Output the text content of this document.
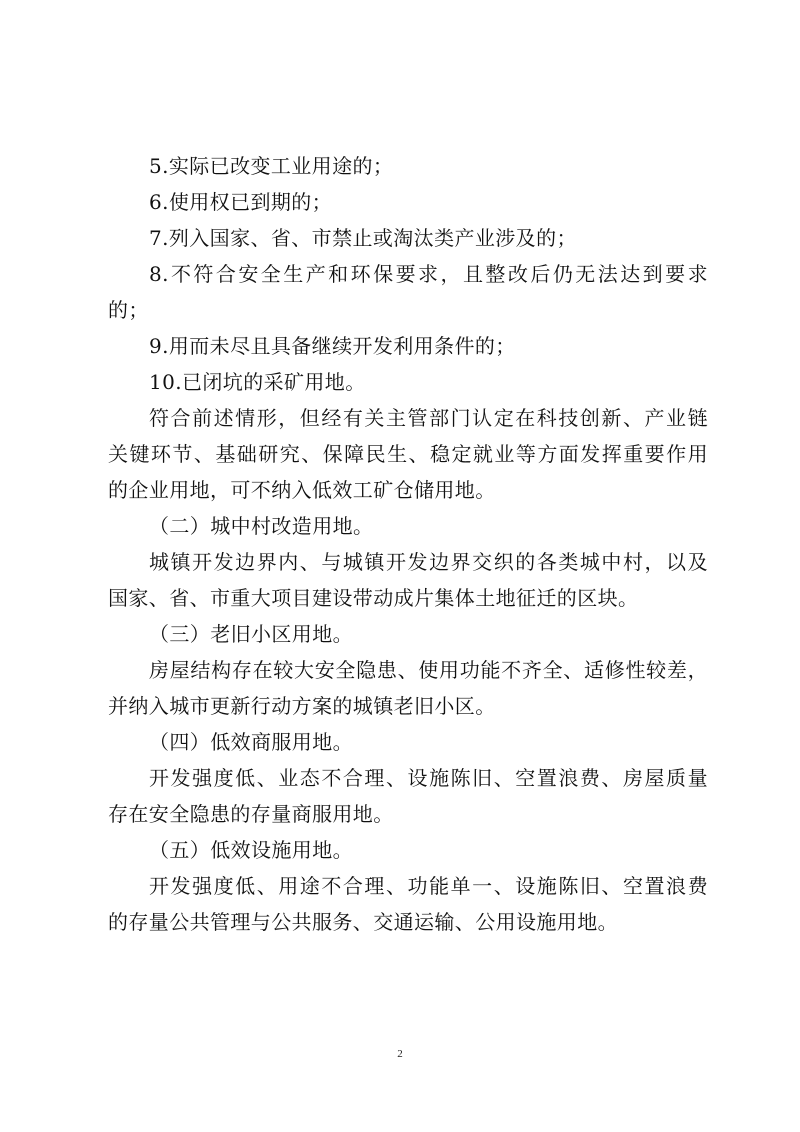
5.实际已改变工业用途的；
6.使用权已到期的；
7.列入国家、省、市禁止或淘汰类产业涉及的；
8.不符合安全生产和环保要求，且整改后仍无法达到要求
的；
9.用而未尽且具备继续开发利用条件的；
10.已闭坑的采矿用地。
符合前述情形，但经有关主管部门认定在科技创新、产业链
关键环节、基础研究、保障民生、稳定就业等方面发挥重要作用
的企业用地，可不纳入低效工矿仓储用地。
（二）城中村改造用地。
城镇开发边界内、与城镇开发边界交织的各类城中村，以及
国家、省、市重大项目建设带动成片集体土地征迁的区块。
（三）老旧小区用地。
房屋结构存在较大安全隐患、使用功能不齐全、适修性较差，
并纳入城市更新行动方案的城镇老旧小区。
（四）低效商服用地。
开发强度低、业态不合理、设施陈旧、空置浪费、房屋质量
存在安全隐患的存量商服用地。
（五）低效设施用地。
开发强度低、用途不合理、功能单一、设施陈旧、空置浪费
的存量公共管理与公共服务、交通运输、公用设施用地。
2
